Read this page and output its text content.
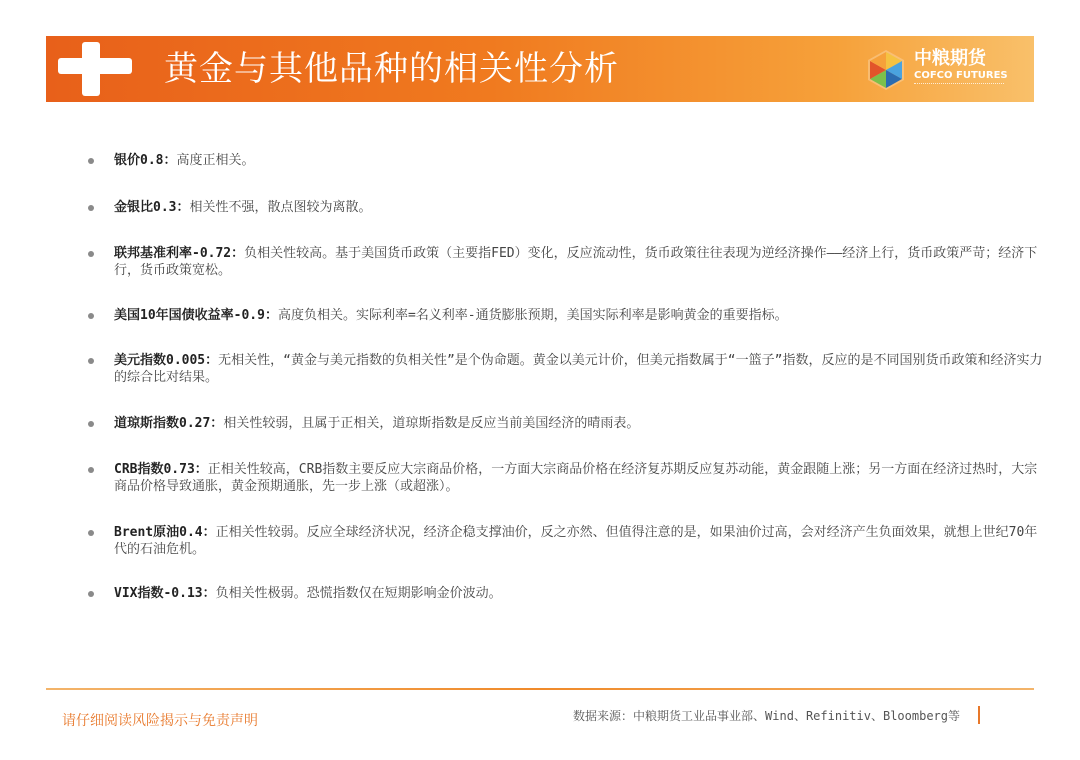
黄金与其他品种的相关性分析	中粮期货
COFCO FUTURES
银价0.8：高度正相关。
金银比0.3：相关性不强，散点图较为离散。
联邦基准利率-0.72：负相关性较高。基于美国货币政策（主要指FED）变化，反应流动性，货币政策往往表现为逆经济操作——经济上行，货币政策严苛；经济下行，货币政策宽松。
美国10年国债收益率-0.9：高度负相关。实际利率=名义利率-通货膨胀预期，美国实际利率是影响黄金的重要指标。
美元指数0.005：无相关性，“黄金与美元指数的负相关性”是个伪命题。黄金以美元计价，但美元指数属于“一篮子”指数，反应的是不同国别货币政策和经济实力的综合比对结果。
道琼斯指数0.27：相关性较弱，且属于正相关，道琼斯指数是反应当前美国经济的晴雨表。
CRB指数0.73：正相关性较高，CRB指数主要反应大宗商品价格，一方面大宗商品价格在经济复苏期反应复苏动能，黄金跟随上涨；另一方面在经济过热时，大宗商品价格导致通胀，黄金预期通胀，先一步上涨（或超涨）。
Brent原油0.4：正相关性较弱。反应全球经济状况，经济企稳支撑油价，反之亦然、但值得注意的是，如果油价过高，会对经济产生负面效果，就想上世纪70年代的石油危机。
VIX指数-0.13：负相关性极弱。恐慌指数仅在短期影响金价波动。
请仔细阅读风险揭示与免责声明	数据来源：中粮期货工业品事业部、Wind、Refinitiv、Bloomberg等
